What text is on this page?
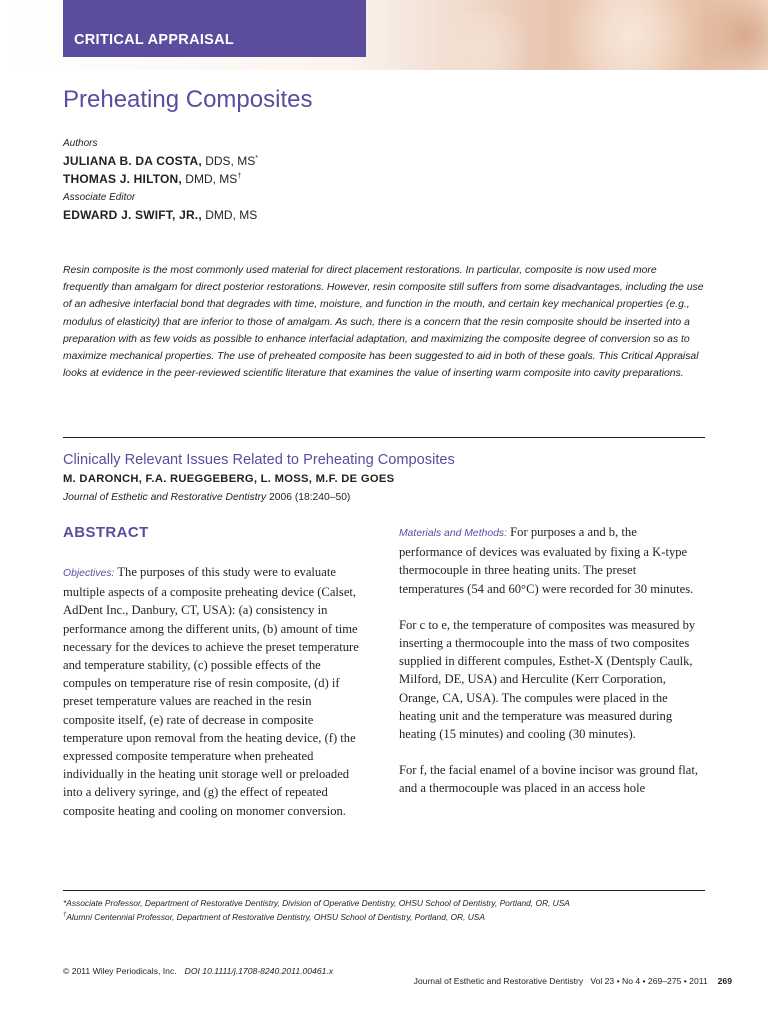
CRITICAL APPRAISAL
Preheating Composites
Authors
JULIANA B. DA COSTA, DDS, MS*
THOMAS J. HILTON, DMD, MS†
Associate Editor
EDWARD J. SWIFT, JR., DMD, MS

Resin composite is the most commonly used material for direct placement restorations. In particular, composite is now used more frequently than amalgam for direct posterior restorations. However, resin composite still suffers from some disadvantages, including the use of an adhesive interfacial bond that degrades with time, moisture, and function in the mouth, and certain key mechanical properties (e.g., modulus of elasticity) that are inferior to those of amalgam. As such, there is a concern that the resin composite should be inserted into a preparation with as few voids as possible to enhance interfacial adaptation, and maximizing the composite degree of conversion so as to maximize mechanical properties. The use of preheated composite has been suggested to aid in both of these goals. This Critical Appraisal looks at evidence in the peer-reviewed scientific literature that examines the value of inserting warm composite into cavity preparations.

Clinically Relevant Issues Related to Preheating Composites
M. DARONCH, F.A. RUEGGEBERG, L. MOSS, M.F. DE GOES
Journal of Esthetic and Restorative Dentistry 2006 (18:240–50)
ABSTRACT

Objectives: The purposes of this study were to evaluate multiple aspects of a composite preheating device (Calset, AdDent Inc., Danbury, CT, USA): (a) consistency in performance among the different units, (b) amount of time necessary for the devices to achieve the preset temperature and temperature stability, (c) possible effects of the compules on temperature rise of resin composite, (d) if preset temperature values are reached in the resin composite itself, (e) rate of decrease in composite temperature upon removal from the heating device, (f) the expressed composite temperature when preheated individually in the heating unit storage well or preloaded into a delivery syringe, and (g) the effect of repeated composite heating and cooling on monomer conversion.

Materials and Methods: For purposes a and b, the performance of devices was evaluated by fixing a K-type thermocouple in three heating units. The preset temperatures (54 and 60°C) were recorded for 30 minutes.

For c to e, the temperature of composites was measured by inserting a thermocouple into the mass of two composites supplied in different compules, Esthet-X (Dentsply Caulk, Milford, DE, USA) and Herculite (Kerr Corporation, Orange, CA, USA). The compules were placed in the heating unit and the temperature was measured during heating (15 minutes) and cooling (30 minutes).

For f, the facial enamel of a bovine incisor was ground flat, and a thermocouple was placed in an access hole

*Associate Professor, Department of Restorative Dentistry, Division of Operative Dentistry, OHSU School of Dentistry, Portland, OR, USA
†Alumni Centennial Professor, Department of Restorative Dentistry, OHSU School of Dentistry, Portland, OR, USA
© 2011 Wiley Periodicals, Inc. DOI 10.1111/j.1708-8240.2011.00461.x

Journal of Esthetic and Restorative Dentistry   Vol 23 • No 4 • 269–275 • 2011 269
